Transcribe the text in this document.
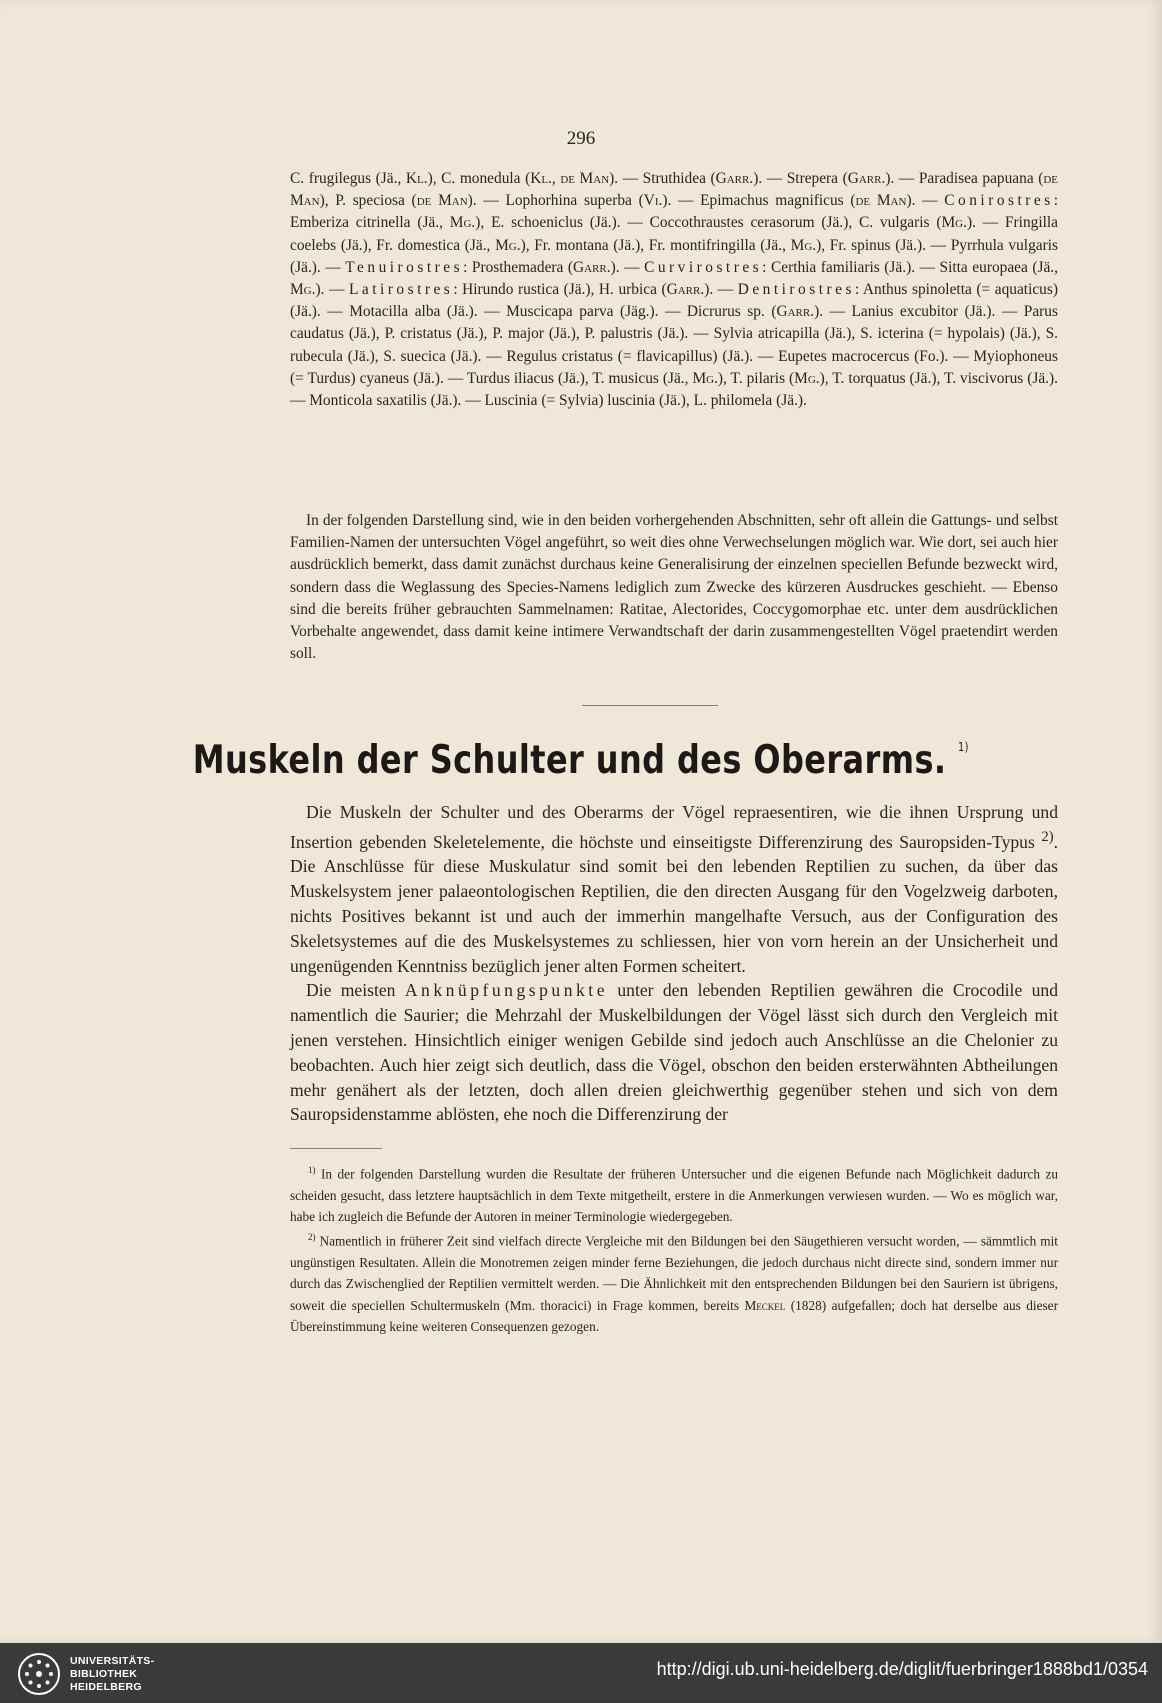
296
C. frugilegus (Jä., Kl.), C. monedula (Kl., de Man). — Struthidea (Garr.). — Strepera (Garr.). — Paradisea papuana (de Man), P. speciosa (de Man). — Lophorhina superba (Vi.). — Epimachus magnificus (de Man). — Conirostres: Emberiza citrinella (Jä., Mg.), E. schoeniclus (Jä.). — Coccothraustes cerasorum (Jä.), C. vulgaris (Mg.). — Fringilla coelebs (Jä.), Fr. domestica (Jä., Mg.), Fr. montana (Jä.), Fr. montifringilla (Jä., Mg.), Fr. spinus (Jä.). — Pyrrhula vulgaris (Jä.). — Tenuirostres: Prosthemadera (Garr.). — Curvirostres: Certhia familiaris (Jä.). — Sitta europaea (Jä., Mg.). — Latirostres: Hirundo rustica (Jä.), H. urbica (Garr.). — Dentirostres: Anthus spinoletta (= aquaticus) (Jä.). — Motacilla alba (Jä.). — Muscicapa parva (Jäg.). — Dicrurus sp. (Garr.). — Lanius excubitor (Jä.). — Parus caudatus (Jä.), P. cristatus (Jä.), P. major (Jä.), P. palustris (Jä.). — Sylvia atricapilla (Jä.), S. icterina (= hypolais) (Jä.), S. rubecula (Jä.), S. suecica (Jä.). — Regulus cristatus (= flavicapillus) (Jä.). — Eupetes macrocercus (Fo.). — Myiophoneus (= Turdus) cyaneus (Jä.). — Turdus iliacus (Jä.), T. musicus (Jä., Mg.), T. pilaris (Mg.), T. torquatus (Jä.), T. viscivorus (Jä.). — Monticola saxatilis (Jä.). — Luscinia (= Sylvia) luscinia (Jä.), L. philomela (Jä.).

In der folgenden Darstellung sind, wie in den beiden vorhergehenden Abschnitten, sehr oft allein die Gattungs- und selbst Familien-Namen der untersuchten Vögel angeführt, so weit dies ohne Verwechselungen möglich war. Wie dort, sei auch hier ausdrücklich bemerkt, dass damit zunächst durchaus keine Generalisirung der einzelnen speciellen Befunde bezweckt wird, sondern dass die Weglassung des Species-Namens lediglich zum Zwecke des kürzeren Ausdruckes geschieht. — Ebenso sind die bereits früher gebrauchten Sammelnamen: Ratitae, Alectorides, Coccygomorphae etc. unter dem ausdrücklichen Vorbehalte angewendet, dass damit keine intimere Verwandtschaft der darin zusammengestellten Vögel praetendirt werden soll.

Muskeln der Schulter und des Oberarms. $^{1)}$

Die Muskeln der Schulter und des Oberarms der Vögel repraesentiren, wie die ihnen Ursprung und Insertion gebenden Skeletelemente, die höchste und einseitigste Differenzirung des Sauropsiden-Typus $^{2)}$. Die Anschlüsse für diese Muskulatur sind somit bei den lebenden Reptilien zu suchen, da über das Muskelsystem jener palaeontologischen Reptilien, die den directen Ausgang für den Vogelzweig darboten, nichts Positives bekannt ist und auch der immerhin mangelhafte Versuch, aus der Configuration des Skeletsystemes auf die des Muskelsystemes zu schliessen, hier von vorn herein an der Unsicherheit und ungenügenden Kenntniss bezüglich jener alten Formen scheitert.

Die meisten Anknüpfungspunkte unter den lebenden Reptilien gewähren die Crocodile und namentlich die Saurier; die Mehrzahl der Muskelbildungen der Vögel lässt sich durch den Vergleich mit jenen verstehen. Hinsichtlich einiger wenigen Gebilde sind jedoch auch Anschlüsse an die Chelonier zu beobachten. Auch hier zeigt sich deutlich, dass die Vögel, obschon den beiden ersterwähnten Abtheilungen mehr genähert als der letzten, doch allen dreien gleichwerthig gegenüber stehen und sich von dem Sauropsidenstamme ablösten, ehe noch die Differenzirung der

$^{1)}$ In der folgenden Darstellung wurden die Resultate der früheren Untersucher und die eigenen Befunde nach Möglichkeit dadurch zu scheiden gesucht, dass letztere hauptsächlich in dem Texte mitgetheilt, erstere in die Anmerkungen verwiesen wurden. — Wo es möglich war, habe ich zugleich die Befunde der Autoren in meiner Terminologie wiedergegeben.

$^{2)}$ Namentlich in früherer Zeit sind vielfach directe Vergleiche mit den Bildungen bei den Säugethieren versucht worden, — sämmtlich mit ungünstigen Resultaten. Allein die Monotremen zeigen minder ferne Beziehungen, die jedoch durchaus nicht directe sind, sondern immer nur durch das Zwischenglied der Reptilien vermittelt werden. — Die Ähnlichkeit mit den entsprechenden Bildungen bei den Sauriern ist übrigens, soweit die speciellen Schultermuskeln (Mm. thoracici) in Frage kommen, bereits Meckel (1828) aufgefallen; doch hat derselbe aus dieser Übereinstimmung keine weiteren Consequenzen gezogen.

UNIVERSITÄTS-
BIBLIOTHEK
HEIDELBERG
http://digi.ub.uni-heidelberg.de/diglit/fuerbringer1888bd1/0354
